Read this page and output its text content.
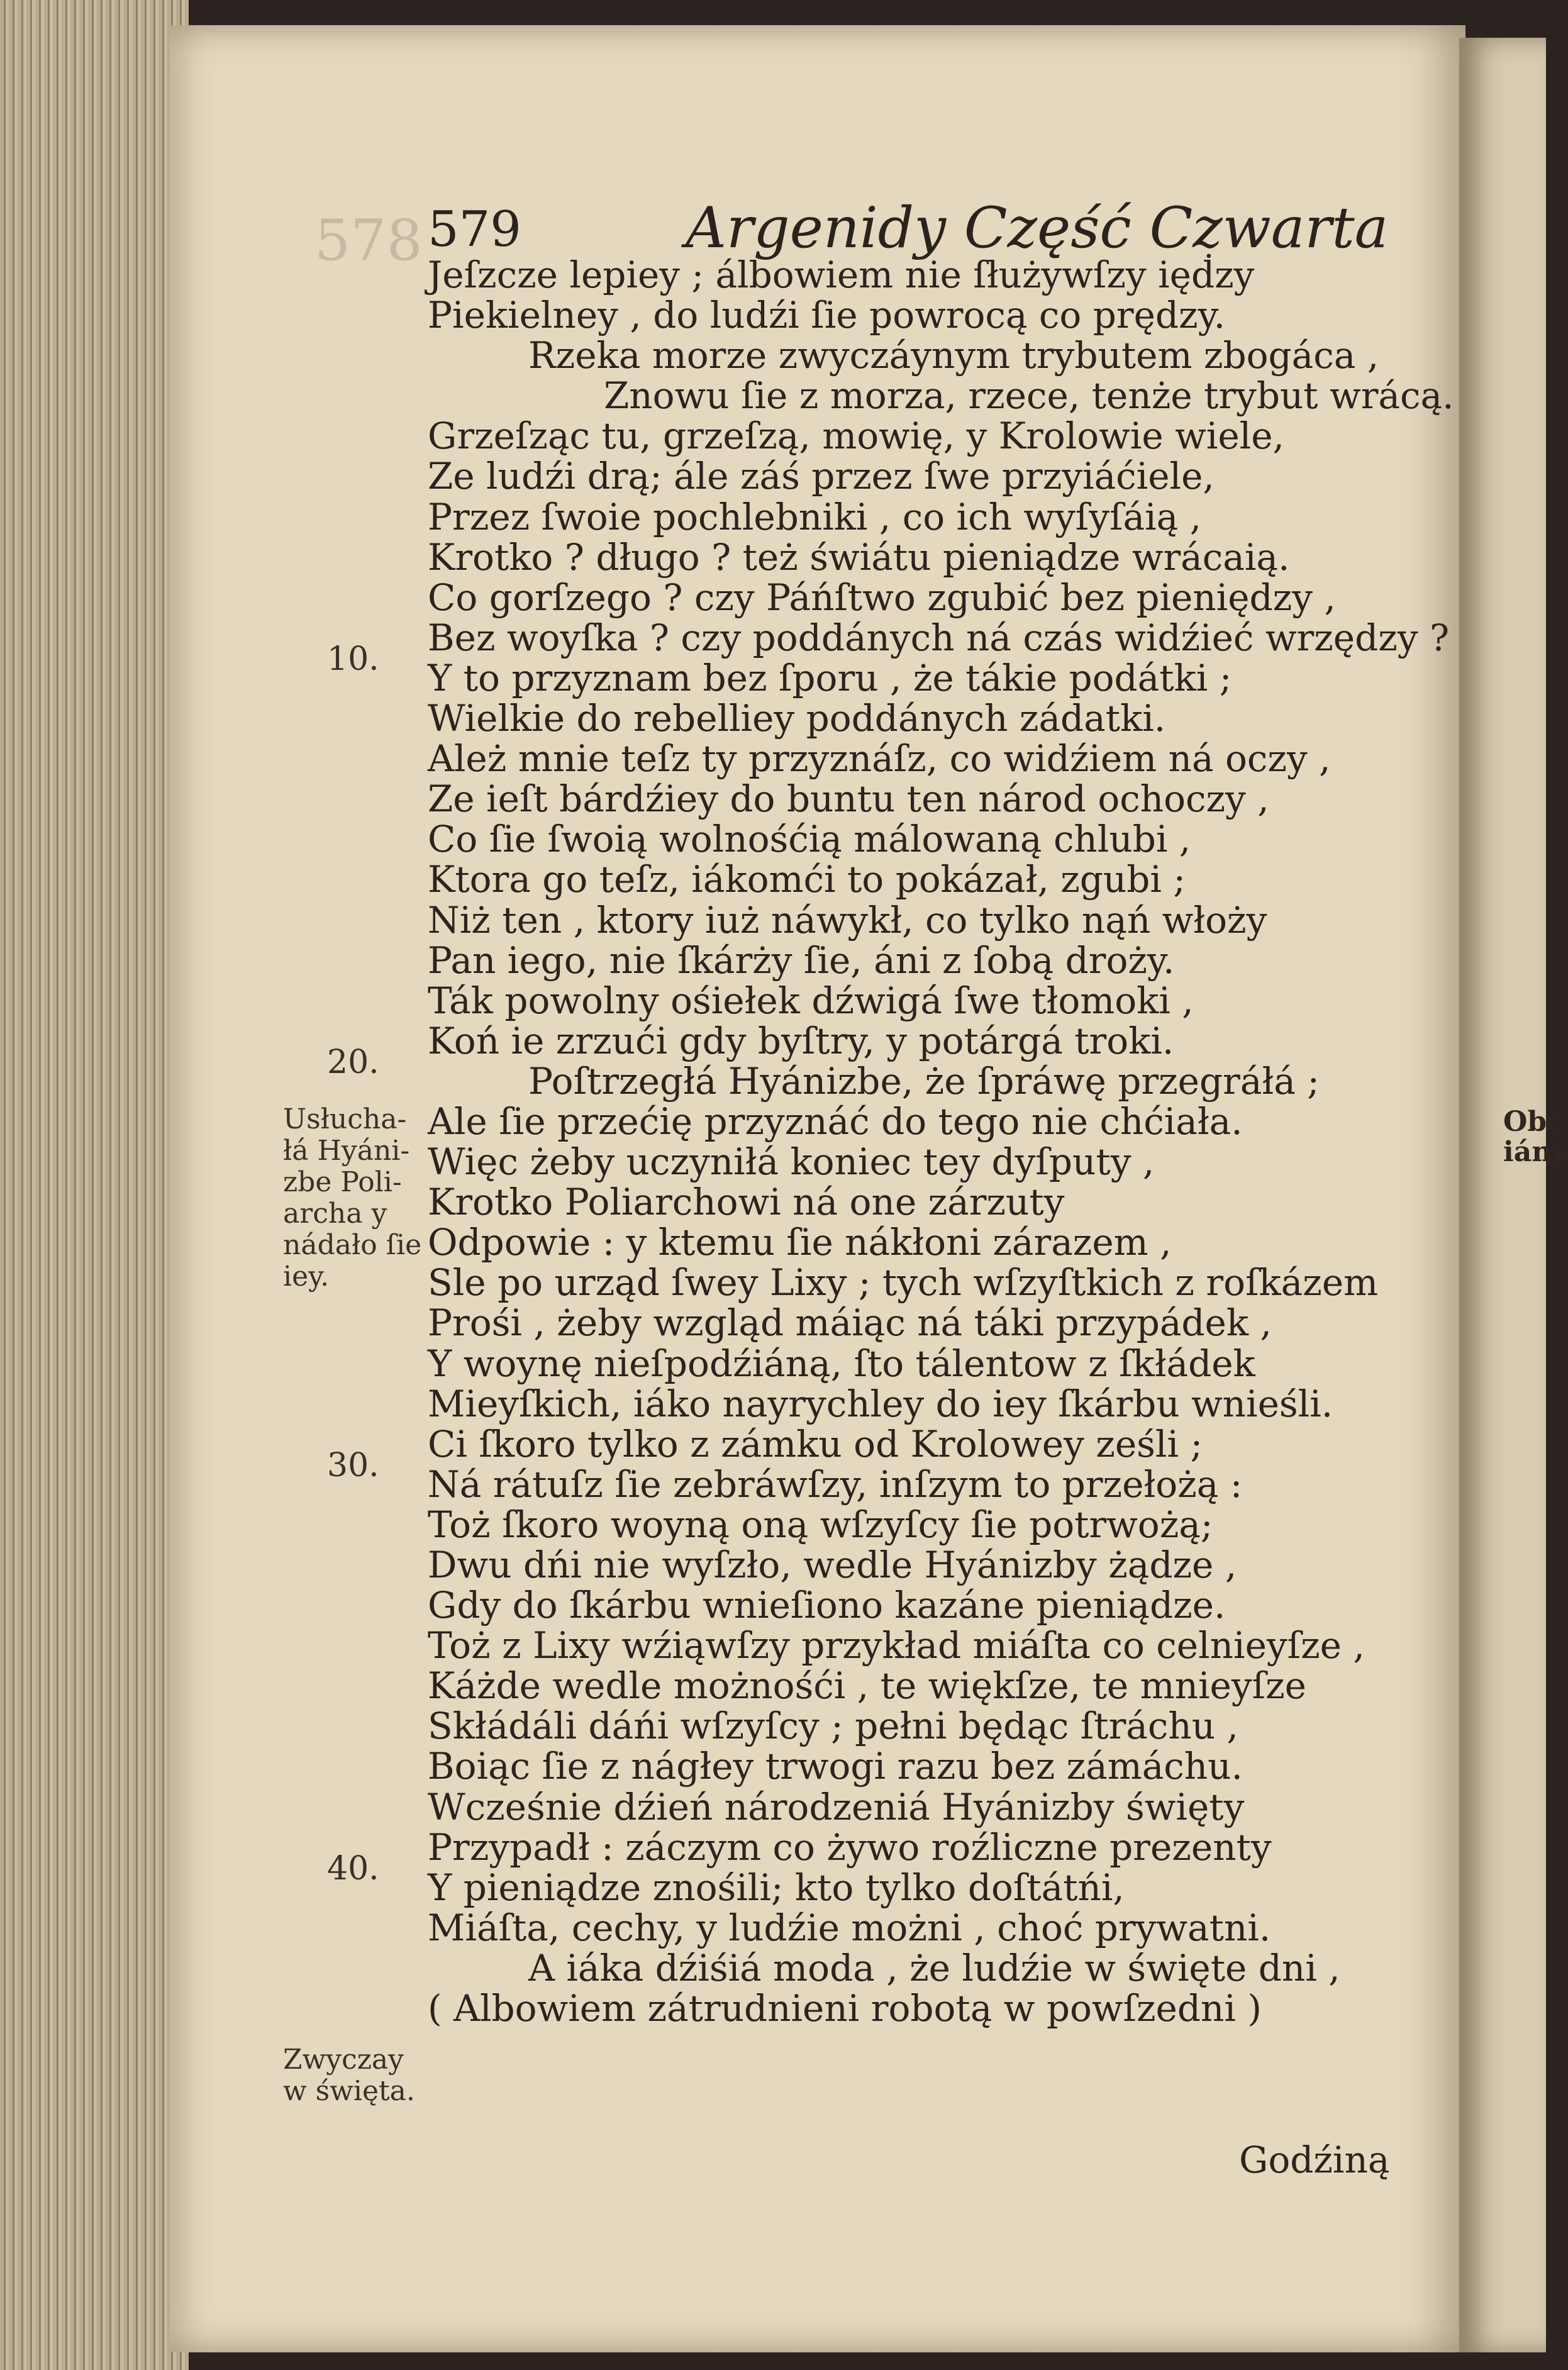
Obc
iány
578 579	Argenidy Część Czwarta
Jeſzcze lepiey ; álbowiem nie ſłużywſzy ięḋzy
Piekielney , do ludźi ſie powrocą co prędzy.
Rzeka morze zwyczáynym trybutem zbogáca ,
Znowu ſie z morza, rzece, tenże trybut wrácą.
Grzeſząc tu, grzeſzą, mowię, y Krolowie wiele,
Ze ludźi drą; ále záś przez ſwe przyiáćiele,
Przez ſwoie pochlebniki , co ich wyſyſáią ,
Krotko ? długo ? też świátu pieniądze wrácaią.
Co gorſzego ? czy Páńſtwo zgubić bez pieniędzy ,
Bez woyſka ? czy poddánych ná czás widźieć wrzędzy ?
Y to przyznam bez ſporu , że tákie podátki ;
Wielkie do rebelliey poddánych zádatki.
Ależ mnie teſz ty przyznáſz, co widźiem ná oczy ,
Ze ieſt bárdźiey do buntu ten národ ochoczy ,
Co ſie ſwoią wolnośćią málowaną chlubi ,
Ktora go teſz, iákomći to pokázał, zgubi ;
Niż ten , ktory iuż náwykł, co tylko nąń włoży
Pan iego, nie ſkárży ſie, áni z ſobą droży.
Ták powolny ośiełek dźwigá ſwe tłomoki ,
Koń ie zrzući gdy byſtry, y potárgá troki.
Poſtrzegłá Hyánizbe, że ſpráwę przegráłá ;
Ale ſie przećię przyznáć do tego nie chćiała.
Więc żeby uczyniłá koniec tey dyſputy ,
Krotko Poliarchowi ná one zárzuty
Odpowie : y ktemu ſie nákłoni zárazem ,
Sle po urząd ſwey Lixy ; tych wſzyſtkich z roſkázem
Prośi , żeby wzgląd máiąc ná táki przypádek ,
Y woynę nieſpodźiáną, ſto tálentow z ſkłádek
Mieyſkich, iáko nayrychley do iey ſkárbu wnieśli.
Ci ſkoro tylko z zámku od Krolowey ześli ;
Ná rátuſz ſie zebráwſzy, inſzym to przełożą :
Toż ſkoro woyną oną wſzyſcy ſie potrwożą;
Dwu dńi nie wyſzło, wedle Hyánizby żądze ,
Gdy do ſkárbu wnieſiono kazáne pieniądze.
Toż z Lixy wźiąwſzy przykład miáſta co celnieyſze ,
Káżde wedle możnośći , te więkſze, te mnieyſze
Skłádáli dáńi wſzyſcy ; pełni będąc ſtráchu ,
Boiąc ſie z nágłey trwogi razu bez zámáchu.
Wcześnie dźień národzeniá Hyánizby święty
Przypadł : záczym co żywo roźliczne prezenty
Y pieniądze znośili; kto tylko doſtátńi,
Miáſta, cechy, y ludźie możni , choć prywatni.
A iáka dźiśiá moda , że ludźie w święte dni ,
( Albowiem zátrudnieni robotą w powſzedni )
10.
20.
30.
40.
Usłucha-
łá Hyáni-
zbe Poli-
archa y
nádało ſie
iey.
Zwyczay
w święta.
Godźiną
